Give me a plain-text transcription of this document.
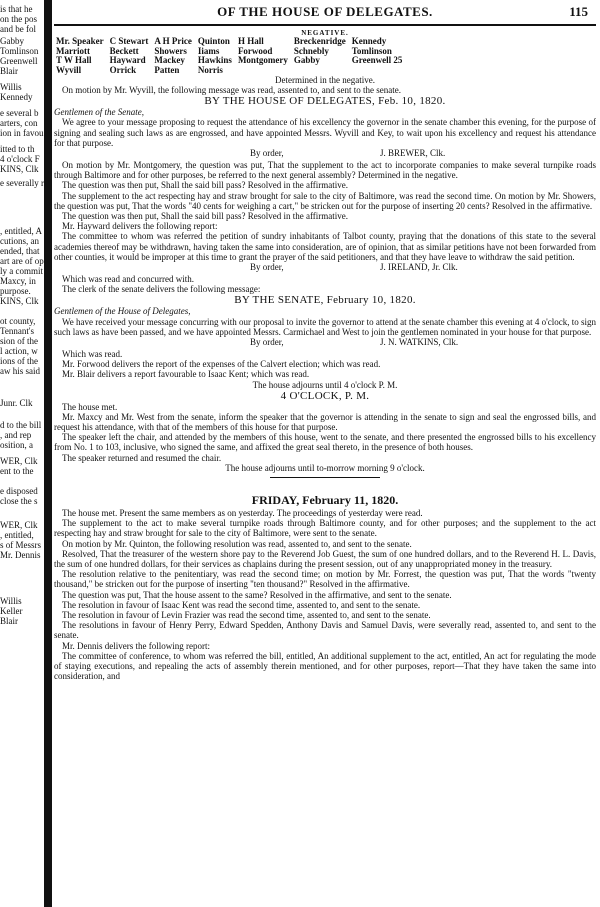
is that he
on the pos
and be fol
Gabby
Tomlinson
Greenwell
Blair
Willis
Kennedy
e several b
arters, con
ion in favou
itted to th
4 o'clock F
KINS, Clk
e severally r
, entitled, A
cutions, an
ended, that
art are of op
ly a commit
Maxcy, in
purpose.
KINS, Clk
ot county,
Tennant's
sion of the
l action, w
ions of the
aw his said
Junr. Clk
d to the bill
, and rep
osition, a
WER, Clk
ent to the
e disposed
close the s
WER, Clk
, entitled,
s of Messrs
Mr. Dennis
Willis
Keller
Blair
OF THE HOUSE OF DELEGATES.	115
NEGATIVE.
Mr. Speaker	C Stewart	A H Price	Quinton	H Hall	Breckenridge	Kennedy
Marriott	Beckett	Showers	Iiams	Forwood	Schnebly	Tomlinson
T W Hall	Hayward	Mackey	Hawkins	Montgomery	Gabby	Greenwell 25
Wyvill	Orrick	Patten	Norris			
Determined in the negative.

On motion by Mr. Wyvill, the following message was read, assented to, and sent to the senate.

BY THE HOUSE OF DELEGATES, Feb. 10, 1820.

Gentlemen of the Senate,

We agree to your message proposing to request the attendance of his excellency the governor in the senate chamber this evening, for the purpose of signing and sealing such laws as are engrossed, and have appointed Messrs. Wyvill and Key, to wait upon his excellency and request his attendance for that purpose.

By order,	J. BREWER, Clk.

On motion by Mr. Montgomery, the question was put, That the supplement to the act to incorporate companies to make several turnpike roads through Baltimore and for other purposes, be referred to the next general assembly? Determined in the negative.

The question was then put, Shall the said bill pass? Resolved in the affirmative.

The supplement to the act respecting hay and straw brought for sale to the city of Baltimore, was read the second time. On motion by Mr. Showers, the question was put, That the words "40 cents for weighing a cart," be stricken out for the purpose of inserting 20 cents? Resolved in the affirmative.

The question was then put, Shall the said bill pass? Resolved in the affirmative.

Mr. Hayward delivers the following report:

The committee to whom was referred the petition of sundry inhabitants of Talbot county, praying that the donations of this state to the several academies thereof may be withdrawn, having taken the same into consideration, are of opinion, that as similar petitions have not been forwarded from other counties, it would be improper at this time to grant the prayer of the said petitioners, and that they have leave to withdraw the said petition.

By order,	J. IRELAND, Jr. Clk.

Which was read and concurred with.

The clerk of the senate delivers the following message:

BY THE SENATE, February 10, 1820.

Gentlemen of the House of Delegates,

We have received your message concurring with our proposal to invite the governor to attend at the senate chamber this evening at 4 o'clock, to sign such laws as have been passed, and we have appointed Messrs. Carmichael and West to join the gentlemen nominated in your house for that purpose.

By order,	J. N. WATKINS, Clk.

Which was read.

Mr. Forwood delivers the report of the expenses of the Calvert election; which was read.

Mr. Blair delivers a report favourable to Isaac Kent; which was read.

The house adjourns until 4 o'clock P. M.
4 O'CLOCK, P. M.

The house met.

Mr. Maxcy and Mr. West from the senate, inform the speaker that the governor is attending in the senate to sign and seal the engrossed bills, and request his attendance, with that of the members of this house for that purpose.

The speaker left the chair, and attended by the members of this house, went to the senate, and there presented the engrossed bills to his excellency from No. 1 to 103, inclusive, who signed the same, and affixed the great seal thereto, in the presence of both houses.

The speaker returned and resumed the chair.

The house adjourns until to-morrow morning 9 o'clock.
FRIDAY, February 11, 1820.

The house met. Present the same members as on yesterday. The proceedings of yesterday were read.

The supplement to the act to make several turnpike roads through Baltimore county, and for other purposes; and the supplement to the act respecting hay and straw brought for sale to the city of Baltimore, were sent to the senate.

On motion by Mr. Quinton, the following resolution was read, assented to, and sent to the senate.

Resolved, That the treasurer of the western shore pay to the Reverend Job Guest, the sum of one hundred dollars, and to the Reverend H. L. Davis, the sum of one hundred dollars, for their services as chaplains during the present session, out of any unappropriated money in the treasury.

The resolution relative to the penitentiary, was read the second time; on motion by Mr. Forrest, the question was put, That the words "twenty thousand," be stricken out for the purpose of inserting "ten thousand?" Resolved in the affirmative.

The question was put, That the house assent to the same? Resolved in the affirmative, and sent to the senate.

The resolution in favour of Isaac Kent was read the second time, assented to, and sent to the senate.

The resolution in favour of Levin Frazier was read the second time, assented to, and sent to the senate.

The resolutions in favour of Henry Perry, Edward Spedden, Anthony Davis and Samuel Davis, were severally read, assented to, and sent to the senate.

Mr. Dennis delivers the following report:

The committee of conference, to whom was referred the bill, entitled, An additional supplement to the act, entitled, An act for regulating the mode of staying executions, and repealing the acts of assembly therein mentioned, and for other purposes, report—That they have taken the same into consideration, and
